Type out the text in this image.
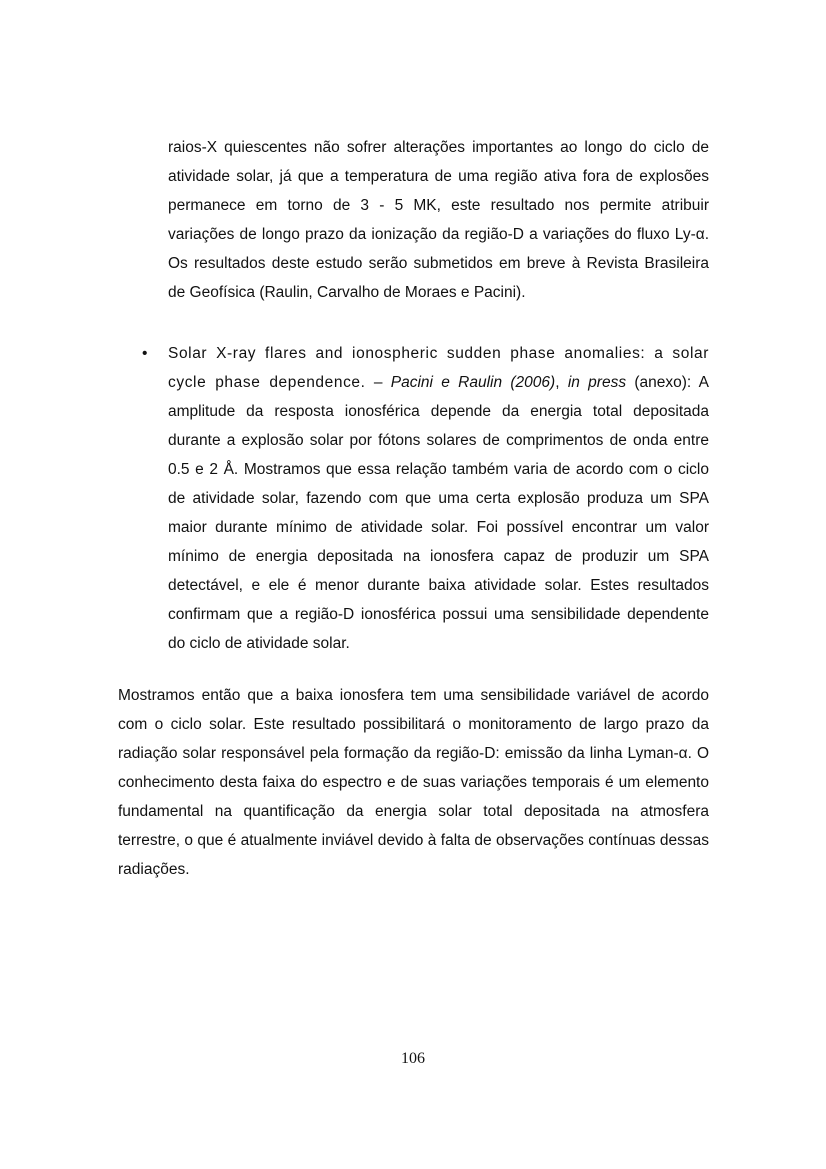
raios-X quiescentes não sofrer alterações importantes ao longo do ciclo de atividade solar, já que a temperatura de uma região ativa fora de explosões permanece em torno de 3 - 5 MK, este resultado nos permite atribuir variações de longo prazo da ionização da região-D a variações do fluxo Ly-α. Os resultados deste estudo serão submetidos em breve à Revista Brasileira de Geofísica (Raulin, Carvalho de Moraes e Pacini).

• Solar X-ray flares and ionospheric sudden phase anomalies: a solar cycle phase dependence. – Pacini e Raulin (2006), in press (anexo): A amplitude da resposta ionosférica depende da energia total depositada durante a explosão solar por fótons solares de comprimentos de onda entre 0.5 e 2 Å. Mostramos que essa relação também varia de acordo com o ciclo de atividade solar, fazendo com que uma certa explosão produza um SPA maior durante mínimo de atividade solar. Foi possível encontrar um valor mínimo de energia depositada na ionosfera capaz de produzir um SPA detectável, e ele é menor durante baixa atividade solar. Estes resultados confirmam que a região-D ionosférica possui uma sensibilidade dependente do ciclo de atividade solar.

Mostramos então que a baixa ionosfera tem uma sensibilidade variável de acordo com o ciclo solar. Este resultado possibilitará o monitoramento de largo prazo da radiação solar responsável pela formação da região-D: emissão da linha Lyman-α. O conhecimento desta faixa do espectro e de suas variações temporais é um elemento fundamental na quantificação da energia solar total depositada na atmosfera terrestre, o que é atualmente inviável devido à falta de observações contínuas dessas radiações.

106
